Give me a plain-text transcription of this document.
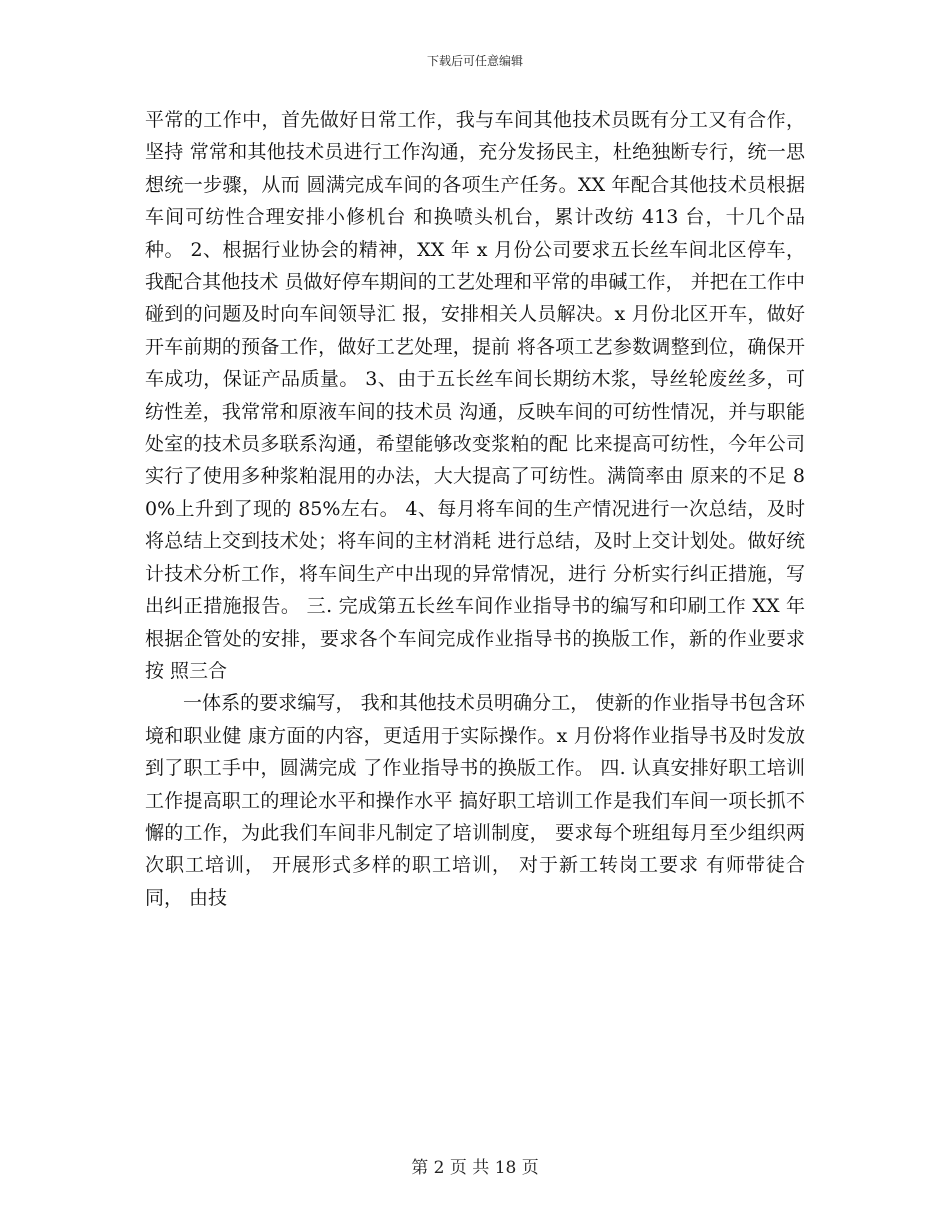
下载后可任意编辑

平常的工作中，首先做好日常工作，我与车间其他技术员既有分工又有合作，坚持 常常和其他技术员进行工作沟通，充分发扬民主，杜绝独断专行，统一思想统一步骤，从而 圆满完成车间的各项生产任务。XX 年配合其他技术员根据车间可纺性合理安排小修机台 和换喷头机台，累计改纺 413 台，十几个品种。 2、根据行业协会的精神，XX 年 x 月份公司要求五长丝车间北区停车，我配合其他技术 员做好停车期间的工艺处理和平常的串碱工作， 并把在工作中碰到的问题及时向车间领导汇 报，安排相关人员解决。x 月份北区开车，做好开车前期的预备工作，做好工艺处理，提前 将各项工艺参数调整到位，确保开车成功，保证产品质量。 3、由于五长丝车间长期纺木浆，导丝轮废丝多，可纺性差，我常常和原液车间的技术员 沟通，反映车间的可纺性情况，并与职能处室的技术员多联系沟通，希望能够改变浆粕的配 比来提高可纺性，今年公司实行了使用多种浆粕混用的办法，大大提高了可纺性。满筒率由 原来的不足 80%上升到了现的 85%左右。 4、每月将车间的生产情况进行一次总结，及时将总结上交到技术处；将车间的主材消耗 进行总结，及时上交计划处。做好统计技术分析工作，将车间生产中出现的异常情况，进行 分析实行纠正措施，写出纠正措施报告。 三. 完成第五长丝车间作业指导书的编写和印刷工作 XX 年根据企管处的安排，要求各个车间完成作业指导书的换版工作，新的作业要求按 照三合

一体系的要求编写， 我和其他技术员明确分工， 使新的作业指导书包含环境和职业健 康方面的内容，更适用于实际操作。x 月份将作业指导书及时发放到了职工手中，圆满完成 了作业指导书的换版工作。 四. 认真安排好职工培训工作提高职工的理论水平和操作水平 搞好职工培训工作是我们车间一项长抓不懈的工作，为此我们车间非凡制定了培训制度， 要求每个班组每月至少组织两次职工培训， 开展形式多样的职工培训， 对于新工转岗工要求 有师带徒合同， 由技

第 2 页 共 18 页
